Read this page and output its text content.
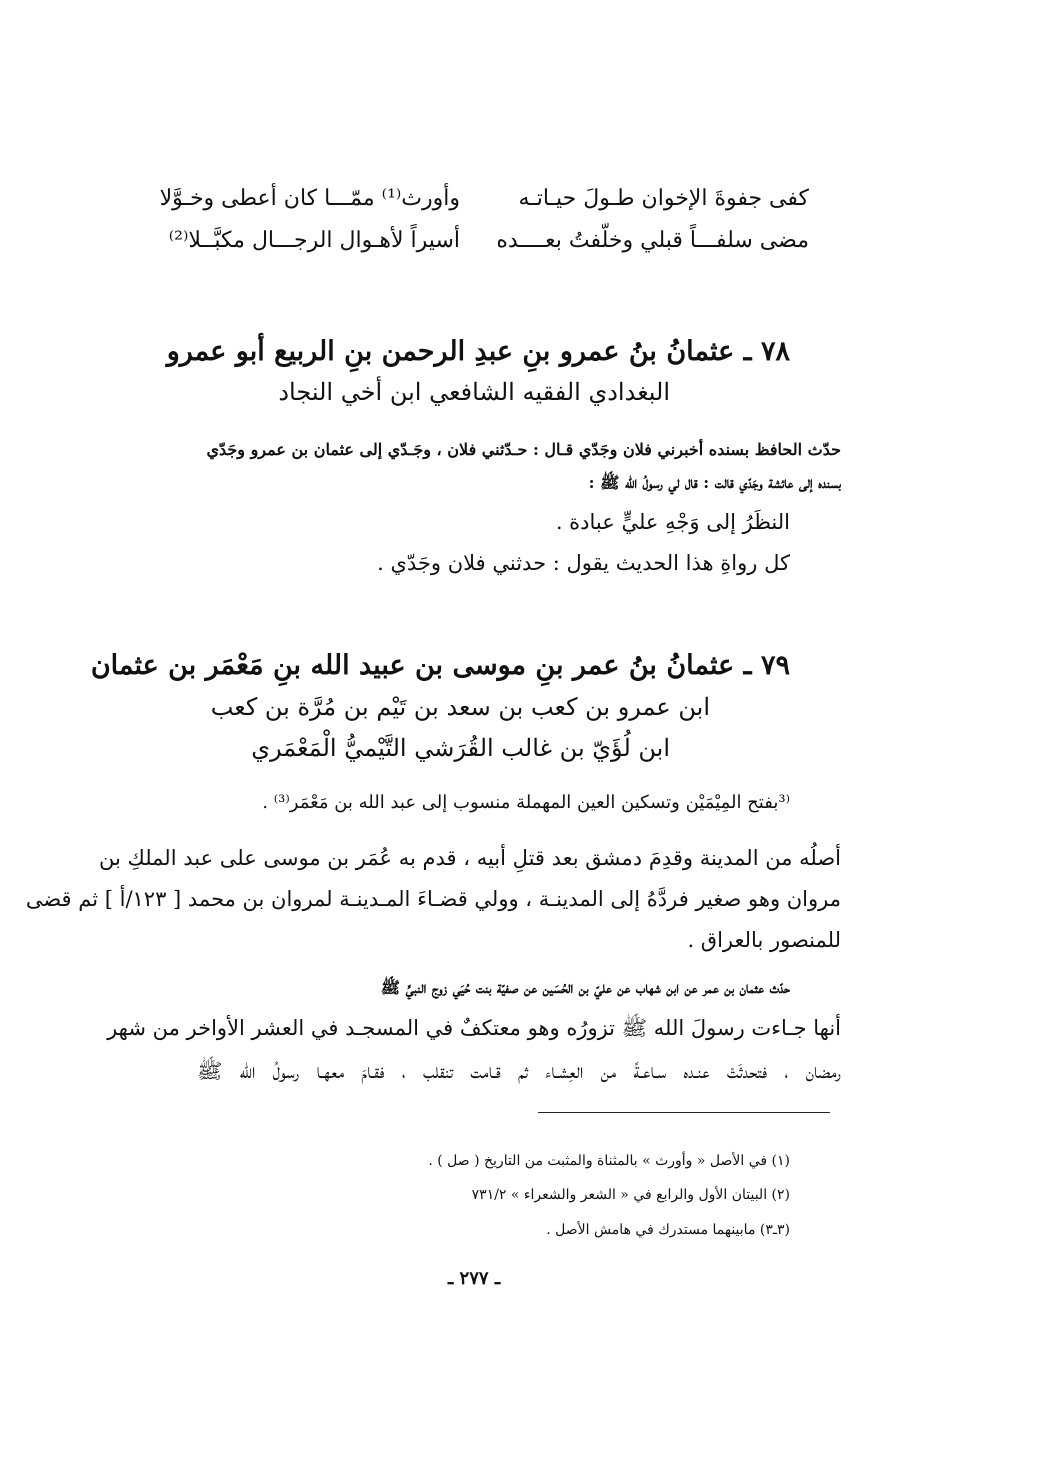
كفى جفوةَ الإخوان طـولَ حيـاتـه
وأورث⁽¹⁾ ممّـــا كان أعطى وخـوَّلا
مضى سلفـــاً قبلي وخلّفتُ بعــــده
أسيراً لأهـوال الرجـــال مكبَّــلا⁽²⁾
٧٨ ـ عثمانُ بنُ عمرو بنِ عبدِ الرحمن بنِ الربيع أبو عمرو
البغدادي الفقيه الشافعي ابن أخي النجاد
حدّث الحافظ بسنده أخبرني فلان وجَدّي قـال : حـدّثني فلان ، وجَـدّي إلى عثمان بن عمرو وجَدّي
بسنده إلى عائشة وجَدّي قالت : قال لي رسولُ الله ﷺ :
النظَرُ إلى وَجْهِ عليٍّ عبادة .
كل رواةِ هذا الحديث يقول : حدثني فلان وجَدّي .
٧٩ ـ عثمانُ بنُ عمر بنِ موسى بن عبيد الله بنِ مَعْمَر بن عثمان
ابن عمرو بن كعب بن سعد بن تَيْم بن مُرَّة بن كعب
ابن لُؤَيّ بن غالب القُرَشي التَّيْميُّ الْمَعْمَري
⁽³بفتح المِيْمَيْن وتسكين العين المهملة منسوب إلى عبد الله بن مَعْمَر⁽³⁾ .
أصلُه من المدينة وقدِمَ دمشق بعد قتلِ أبيه ، قدم به عُمَر بن موسى على عبد الملكِ بن
مروان وهو صغير فردَّهُ إلى المدينـة ، وولي قضـاءَ المـدينـة لمروان بن محمد [ ١٢٣/أ ] ثم قضى
للمنصور بالعراق .
حدّث عثمان بن عمر عن ابن شهاب عن عليّ بن الحُسَين عن صفيّة بنت حُيَي زوج النبيِّ ﷺ
أنها جـاءت رسولَ الله ﷺ تزورُه وهو معتكفٌ في المسجـد في العشر الأواخر من شهر
رمضان ، فتحدثَتْ عنـده سـاعـةً من العِشـاء ثم قـامت تنقلب ، فقـامَ معهـا رسولُ الله ﷺ
(١) في الأصل « وأورث » بالمثناة والمثبت من التاريخ ( صل ) .
(٢) البيتان الأول والرابع في « الشعر والشعراء » ٧٣١/٢
(٣ـ٣) مابينهما مستدرك في هامش الأصل .
ـ ٢٧٧ ـ
